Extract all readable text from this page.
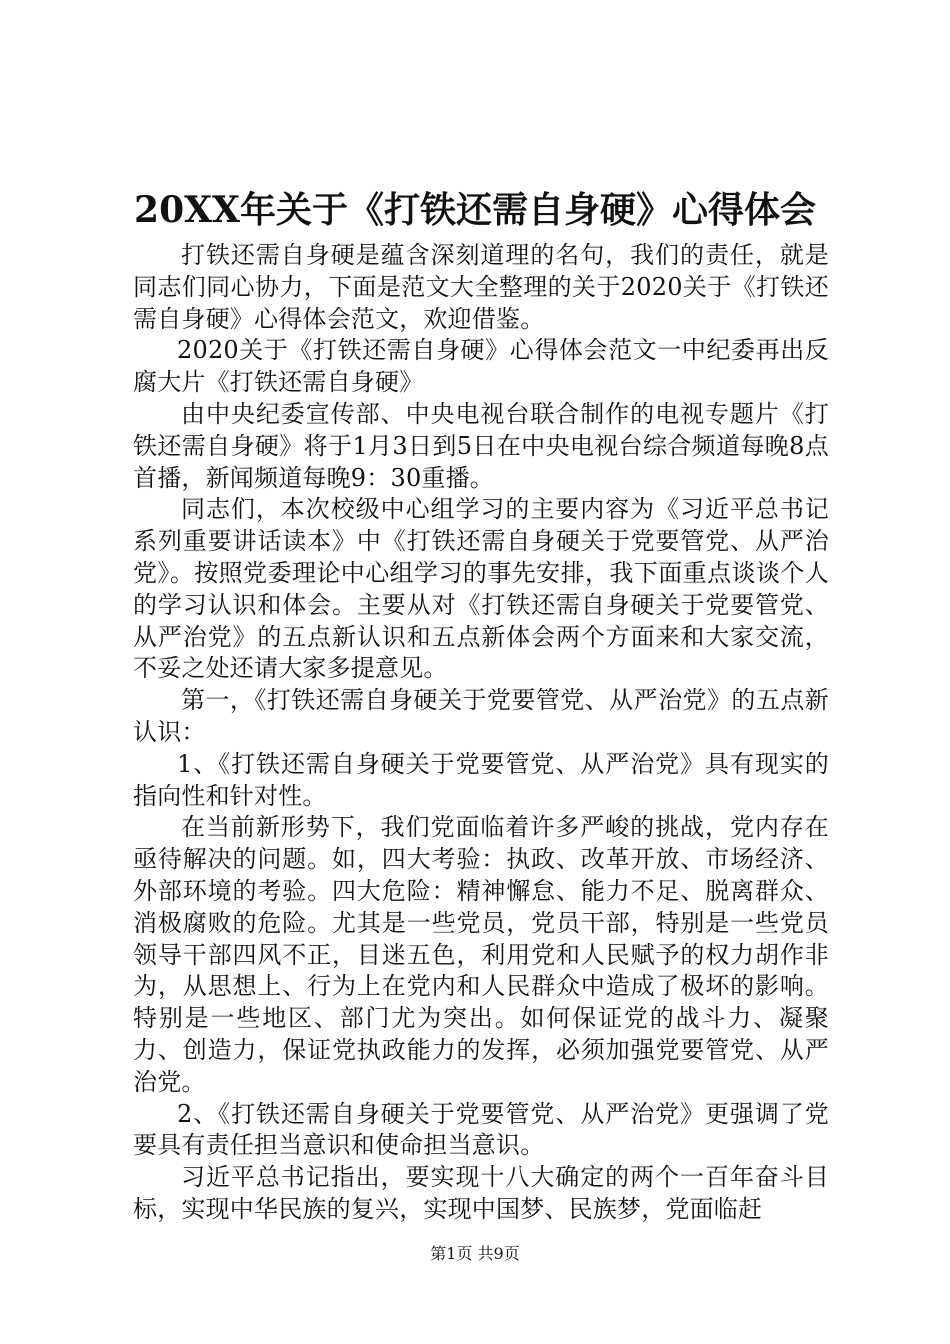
20XX年关于《打铁还需自身硬》心得体会

打铁还需自身硬是蕴含深刻道理的名句，我们的责任，就是同志们同心协力，下面是范文大全整理的关于2020关于《打铁还需自身硬》心得体会范文，欢迎借鉴。

2020关于《打铁还需自身硬》心得体会范文一中纪委再出反腐大片《打铁还需自身硬》

由中央纪委宣传部、中央电视台联合制作的电视专题片《打铁还需自身硬》将于1月3日到5日在中央电视台综合频道每晚8点首播，新闻频道每晚9：30重播。

同志们，本次校级中心组学习的主要内容为《习近平总书记系列重要讲话读本》中《打铁还需自身硬关于党要管党、从严治党》。按照党委理论中心组学习的事先安排，我下面重点谈谈个人的学习认识和体会。主要从对《打铁还需自身硬关于党要管党、从严治党》的五点新认识和五点新体会两个方面来和大家交流，不妥之处还请大家多提意见。

第一，《打铁还需自身硬关于党要管党、从严治党》的五点新认识：

1、《打铁还需自身硬关于党要管党、从严治党》具有现实的指向性和针对性。

在当前新形势下，我们党面临着许多严峻的挑战，党内存在亟待解决的问题。如，四大考验：执政、改革开放、市场经济、外部环境的考验。四大危险：精神懈怠、能力不足、脱离群众、消极腐败的危险。尤其是一些党员，党员干部，特别是一些党员领导干部四风不正，目迷五色，利用党和人民赋予的权力胡作非为，从思想上、行为上在党内和人民群众中造成了极坏的影响。特别是一些地区、部门尤为突出。如何保证党的战斗力、凝聚力、创造力，保证党执政能力的发挥，必须加强党要管党、从严治党。

2、《打铁还需自身硬关于党要管党、从严治党》更强调了党要具有责任担当意识和使命担当意识。

习近平总书记指出，要实现十八大确定的两个一百年奋斗目标，实现中华民族的复兴，实现中国梦、民族梦，党面临赶

第1页 共9页
